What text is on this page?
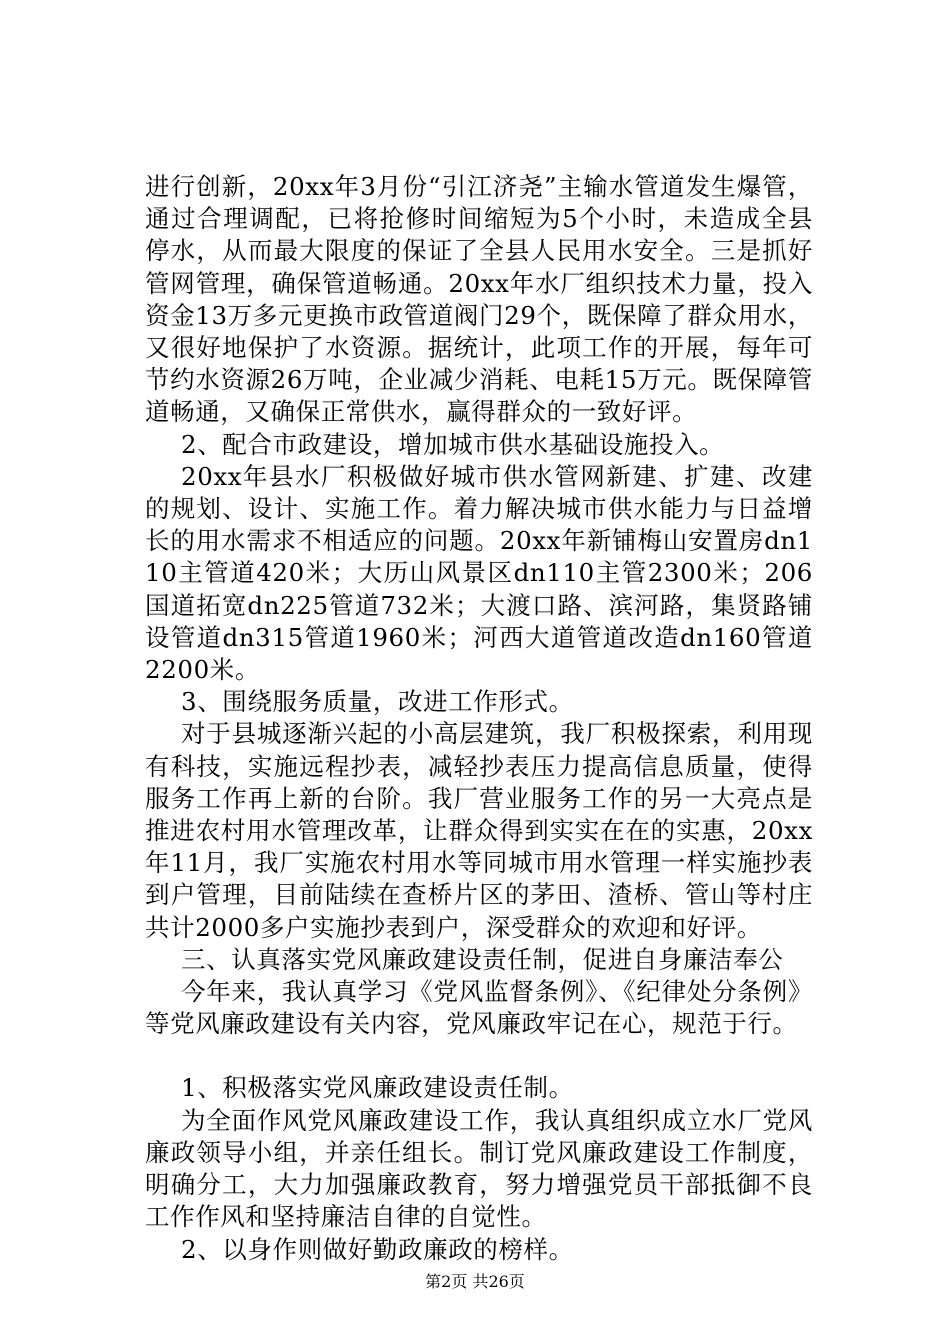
进行创新，20xx年3月份“引江济尧”主输水管道发生爆管，通过合理调配，已将抢修时间缩短为5个小时，未造成全县停水，从而最大限度的保证了全县人民用水安全。三是抓好管网管理，确保管道畅通。20xx年水厂组织技术力量，投入资金13万多元更换市政管道阀门29个，既保障了群众用水，又很好地保护了水资源。据统计，此项工作的开展，每年可节约水资源26万吨，企业减少消耗、电耗15万元。既保障管道畅通，又确保正常供水，赢得群众的一致好评。

2、配合市政建设，增加城市供水基础设施投入。

20xx年县水厂积极做好城市供水管网新建、扩建、改建的规划、设计、实施工作。着力解决城市供水能力与日益增长的用水需求不相适应的问题。20xx年新铺梅山安置房dn110主管道420米；大历山风景区dn110主管2300米；206国道拓宽dn225管道732米；大渡口路、滨河路，集贤路铺设管道dn315管道1960米；河西大道管道改造dn160管道2200米。

3、围绕服务质量，改进工作形式。

对于县城逐渐兴起的小高层建筑，我厂积极探索，利用现有科技，实施远程抄表，减轻抄表压力提高信息质量，使得服务工作再上新的台阶。我厂营业服务工作的另一大亮点是推进农村用水管理改革，让群众得到实实在在的实惠，20xx年11月，我厂实施农村用水等同城市用水管理一样实施抄表到户管理，目前陆续在查桥片区的茅田、渣桥、管山等村庄共计2000多户实施抄表到户，深受群众的欢迎和好评。

三、认真落实党风廉政建设责任制，促进自身廉洁奉公

今年来，我认真学习《党风监督条例》、《纪律处分条例》等党风廉政建设有关内容，党风廉政牢记在心，规范于行。

1、积极落实党风廉政建设责任制。

为全面作风党风廉政建设工作，我认真组织成立水厂党风廉政领导小组，并亲任组长。制订党风廉政建设工作制度，明确分工，大力加强廉政教育，努力增强党员干部抵御不良工作作风和坚持廉洁自律的自觉性。

2、以身作则做好勤政廉政的榜样。

第2页 共26页
